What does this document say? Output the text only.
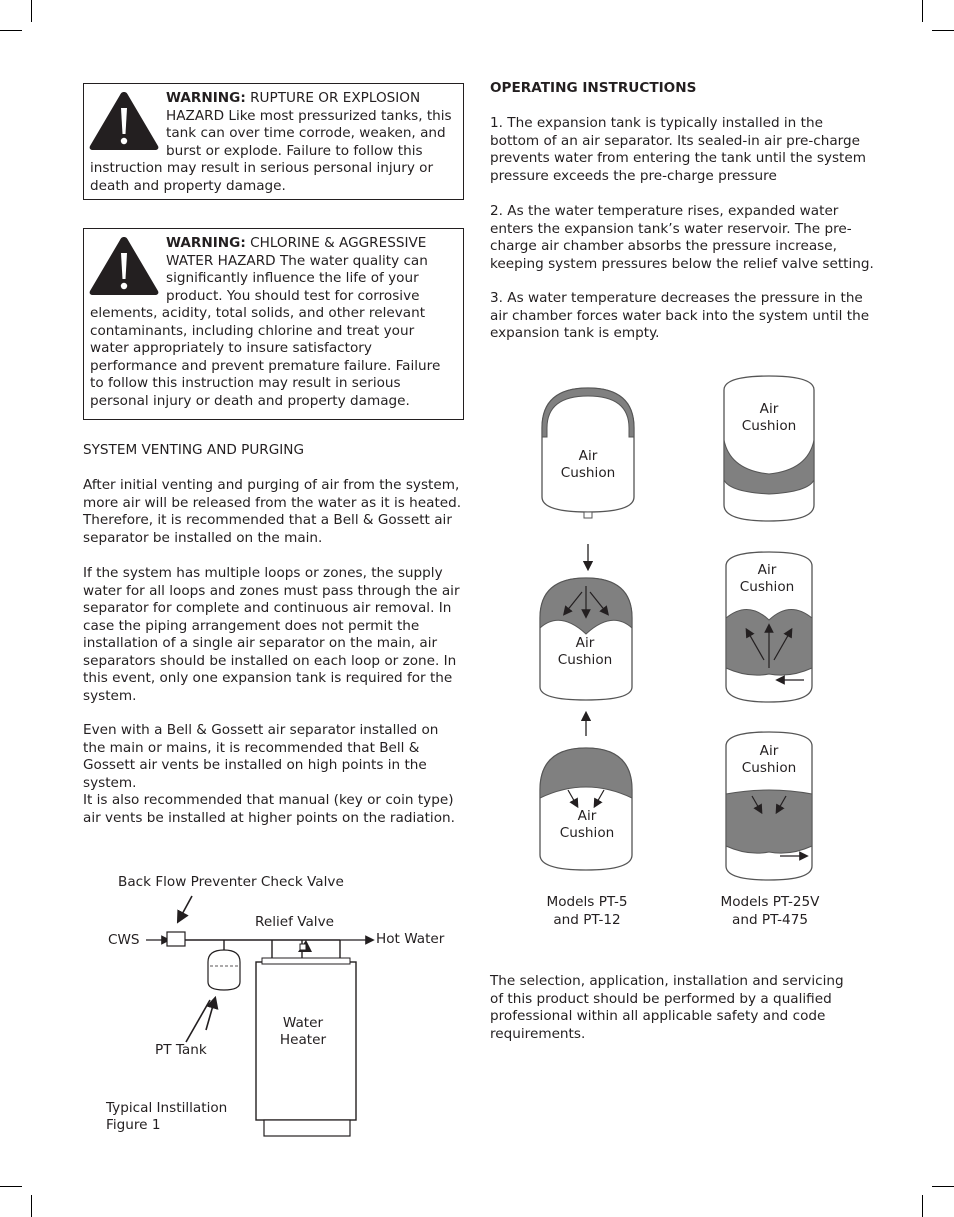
WARNING: RUPTURE OR EXPLOSION HAZARD Like most pressurized tanks, this tank can over time corrode, weaken, and burst or explode. Failure to follow this instruction may result in serious personal injury or death and property damage.
WARNING: CHLORINE & AGGRESSIVE WATER HAZARD The water quality can significantly influence the life of your product. You should test for corrosive elements, acidity, total solids, and other relevant contaminants, including chlorine and treat your water appropriately to insure satisfactory performance and prevent premature failure. Failure to follow this instruction may result in serious personal injury or death and property damage.
SYSTEM VENTING AND PURGING
After initial venting and purging of air from the system, more air will be released from the water as it is heated. Therefore, it is recommended that a Bell & Gossett air separator be installed on the main.
If the system has multiple loops or zones, the supply water for all loops and zones must pass through the air separator for complete and continuous air removal. In case the piping arrangement does not permit the installation of a single air separator on the main, air separators should be installed on each loop or zone. In this event, only one expansion tank is required for the system.
Even with a Bell & Gossett air separator installed on the main or mains, it is recommended that Bell & Gossett air vents be installed on high points in the system.
It is also recommended that manual (key or coin type) air vents be installed at higher points on the radiation.
OPERATING INSTRUCTIONS
1. The expansion tank is typically installed in the bottom of an air separator. Its sealed-in air pre-charge prevents water from entering the tank until the system pressure exceeds the pre-charge pressure
2. As the water temperature rises, expanded water enters the expansion tank’s water reservoir. The pre-charge air chamber absorbs the pressure increase, keeping system pressures below the relief valve setting.
3. As water temperature decreases the pressure in the air chamber forces water back into the system until the expansion tank is empty.
Air
Cushion
Air
Cushion
Air
Cushion
Air
Cushion
Air
Cushion
Air
Cushion
Models PT-5
and PT-12
Models PT-25V
and PT-475
Back Flow Preventer Check Valve
Relief Valve
CWS	Hot Water
PT Tank
Water
Heater
Typical Instillation
Figure 1
The selection, application, installation and servicing of this product should be performed by a qualified professional within all applicable safety and code requirements.
